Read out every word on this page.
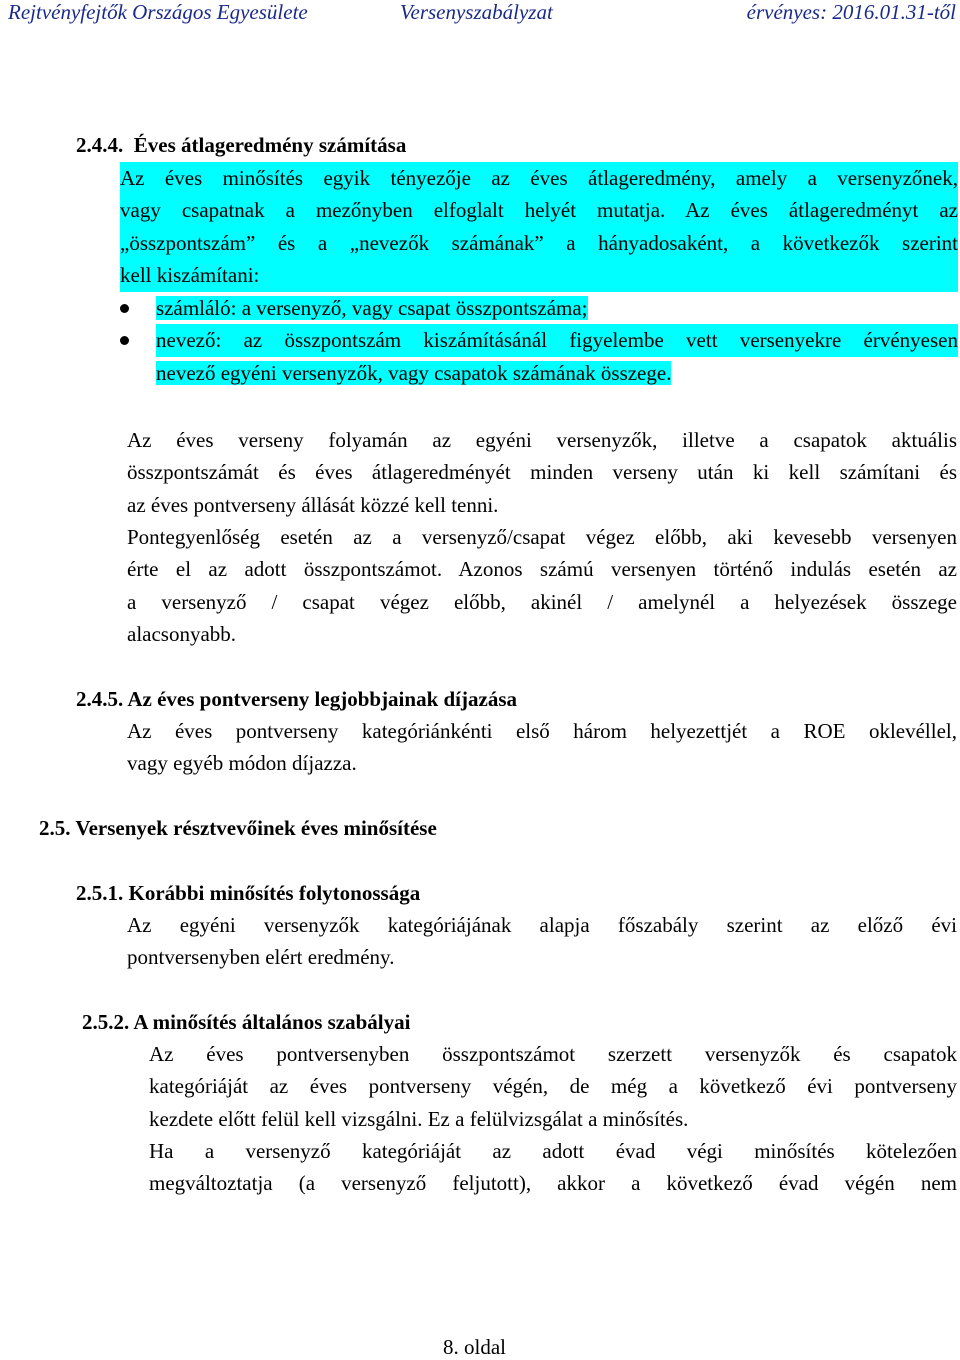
Rejtvényfejtők Országos Egyesülete	Versenyszabályzat	érvényes: 2016.01.31-től
2.4.4. Éves átlageredmény számítása
Az éves minősítés egyik tényezője az éves átlageredmény, amely a versenyzőnek,
vagy csapatnak a mezőnyben elfoglalt helyét mutatja. Az éves átlageredményt az
„összpontszám” és a „nevezők számának” a hányadosaként, a következők szerint
kell kiszámítani:
számláló: a versenyző, vagy csapat összpontszáma;
nevező: az összpontszám kiszámításánál figyelembe vett versenyekre érvényesen
nevező egyéni versenyzők, vagy csapatok számának összege.
Az éves verseny folyamán az egyéni versenyzők, illetve a csapatok aktuális
összpontszámát és éves átlageredményét minden verseny után ki kell számítani és
az éves pontverseny állását közzé kell tenni.
Pontegyenlőség esetén az a versenyző/csapat végez előbb, aki kevesebb versenyen
érte el az adott összpontszámot. Azonos számú versenyen történő indulás esetén az
a versenyző / csapat végez előbb, akinél / amelynél a helyezések összege
alacsonyabb.
2.4.5. Az éves pontverseny legjobbjainak díjazása
Az éves pontverseny kategóriánkénti első három helyezettjét a ROE oklevéllel,
vagy egyéb módon díjazza.
2.5. Versenyek résztvevőinek éves minősítése
2.5.1. Korábbi minősítés folytonossága
Az egyéni versenyzők kategóriájának alapja főszabály szerint az előző évi
pontversenyben elért eredmény.
2.5.2. A minősítés általános szabályai
Az éves pontversenyben összpontszámot szerzett versenyzők és csapatok
kategóriáját az éves pontverseny végén, de még a következő évi pontverseny
kezdete előtt felül kell vizsgálni. Ez a felülvizsgálat a minősítés.
Ha a versenyző kategóriáját az adott évad végi minősítés kötelezően
megváltoztatja (a versenyző feljutott), akkor a következő évad végén nem
8. oldal
